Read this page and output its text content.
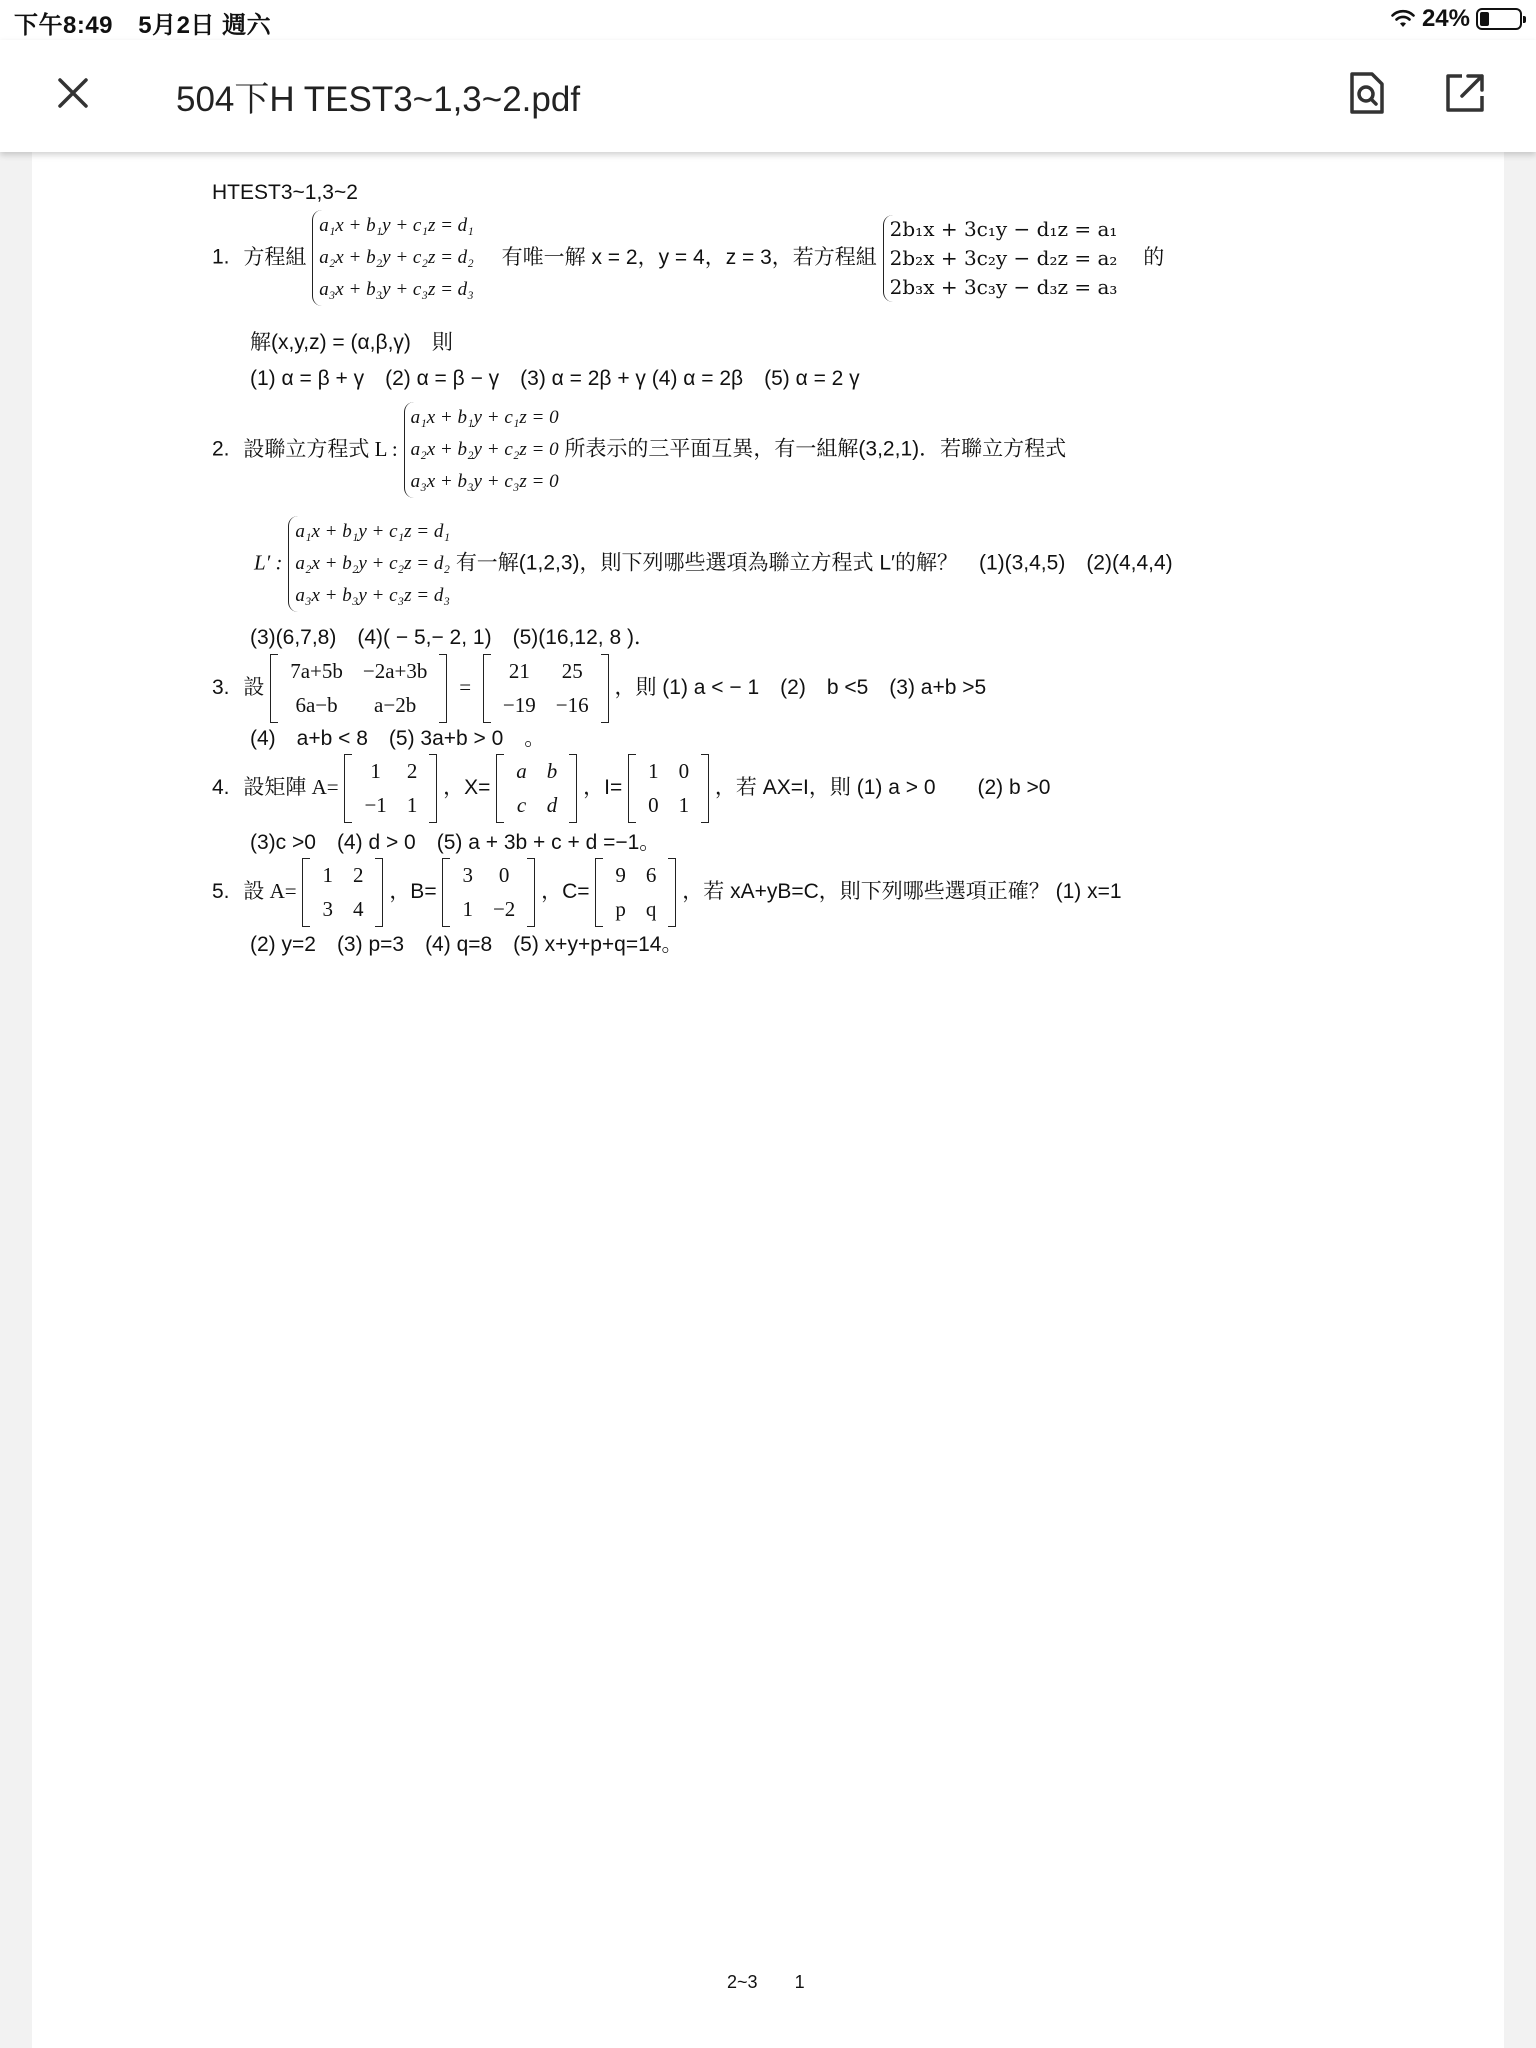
下午8:49 5月2日 週六	24%
504下H TEST3~1,3~2.pdf
HTEST3~1,3~2
1. 方程組
a₁x + b₁y + c₁z = d₁
a₂x + b₂y + c₂z = d₂
a₃x + b₃y + c₃z = d₃
有唯一解 x = 2，y = 4，z = 3，若方程組
2b₁x + 3c₁y − d₁z = a₁
2b₂x + 3c₂y − d₂z = a₂
2b₃x + 3c₃y − d₃z = a₃
的
解(x,y,z) = (α,β,γ)　則
(1) α = β + γ　(2) α = β − γ　(3) α = 2β + γ (4) α = 2β　(5) α = 2 γ
2. 設聯立方程式 L :
a₁x + b₁y + c₁z = 0
a₂x + b₂y + c₂z = 0
a₃x + b₃y + c₃z = 0
所表示的三平面互異，有一組解(3,2,1)．若聯立方程式
L′ :
a₁x + b₁y + c₁z = d₁
a₂x + b₂y + c₂z = d₂
a₃x + b₃y + c₃z = d₃
有一解(1,2,3)，則下列哪些選項為聯立方程式 L′的解？　(1)(3,4,5)　(2)(4,4,4)
(3)(6,7,8)　(4)( − 5,− 2, 1)　(5)(16,12, 8 )．
3. 設
7a+5b	−2a+3b
6a−b	a−2b
=
21	25
−19	−16
，則 (1) a < − 1　(2)　b <5　(3) a+b >5
(4)　a+b < 8　(5) 3a+b > 0　。
4. 設矩陣 A=
1	2
−1	1
，X=
a	b
c	d
，I=
1	0
0	1
，若 AX=I，則 (1) a > 0　　(2) b >0
(3)c >0　(4) d > 0　(5) a + 3b + c + d =−1。
5. 設 A=
1	2
3	4
，B=
3	0
1	−2
，C=
9	6
p	q
，若 xA+yB=C，則下列哪些選項正確？ (1) x=1
(2) y=2　(3) p=3　(4) q=8　(5) x+y+p+q=14。
2~3 1
